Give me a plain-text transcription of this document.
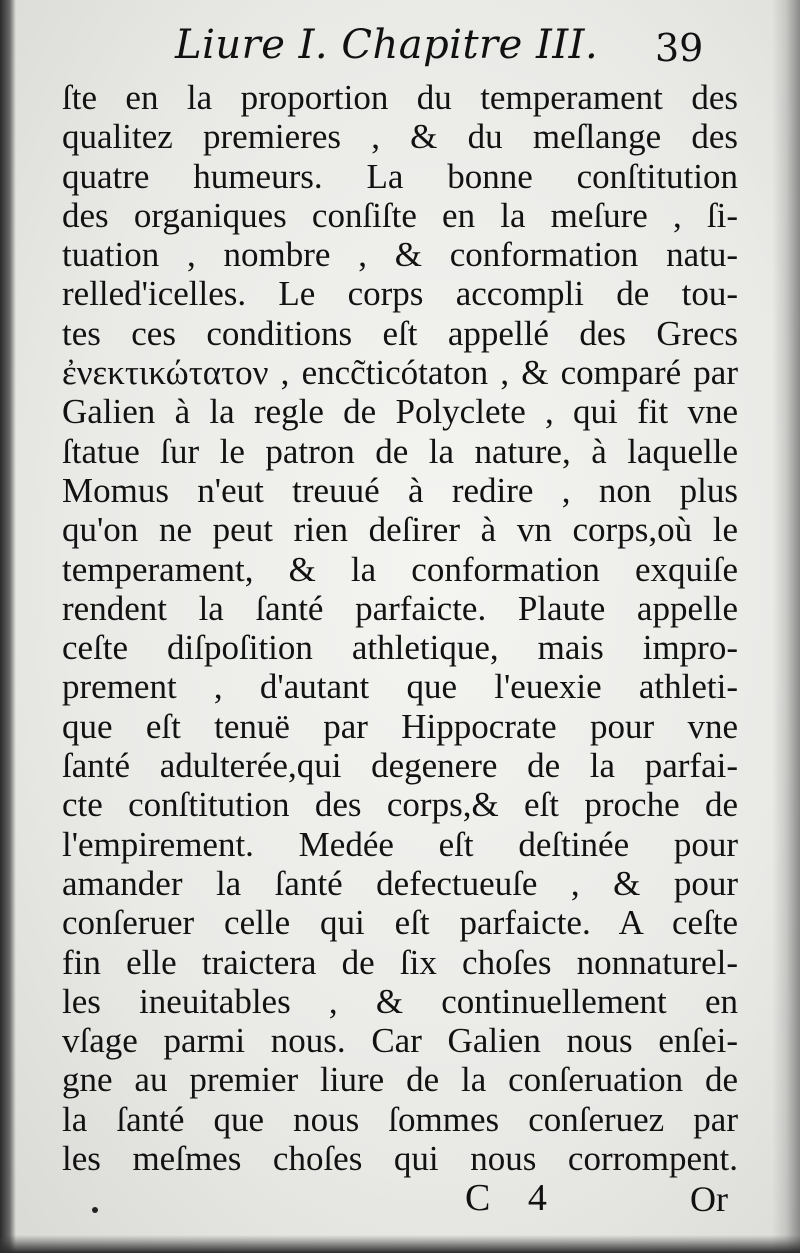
Liure I. Chapitre III. 39
ſte en la proportion du temperament des
qualitez premieres , & du meſlange des
quatre humeurs. La bonne conſtitution
des organiques conſiſte en la meſure , ſi-
tuation , nombre , & conformation natu-
relled'icelles. Le corps accompli de tou-
tes ces conditions eſt appellé des Grecs
ἐνεκτικώτατον , encc̃ticótaton , & comparé par
Galien à la regle de Polyclete , qui fit vne
ſtatue ſur le patron de la nature, à laquelle
Momus n'eut treuué à redire , non plus
qu'on ne peut rien deſirer à vn corps,où le
temperament, & la conformation exquiſe
rendent la ſanté parfaicte. Plaute appelle
ceſte diſpoſition athletique, mais impro-
prement , d'autant que l'euexie athleti-
que eſt tenuë par Hippocrate pour vne
ſanté adulterée,qui degenere de la parfai-
cte conſtitution des corps,& eſt proche de
l'empirement. Medée eſt deſtinée pour
amander la ſanté defectueuſe , & pour
conſeruer celle qui eſt parfaicte. A ceſte
fin elle traictera de ſix choſes nonnaturel-
les ineuitables , & continuellement en
vſage parmi nous. Car Galien nous enſei-
gne au premier liure de la conſeruation de
la ſanté que nous ſommes conſeruez par
les meſmes choſes qui nous corrompent.
C 4	Or
